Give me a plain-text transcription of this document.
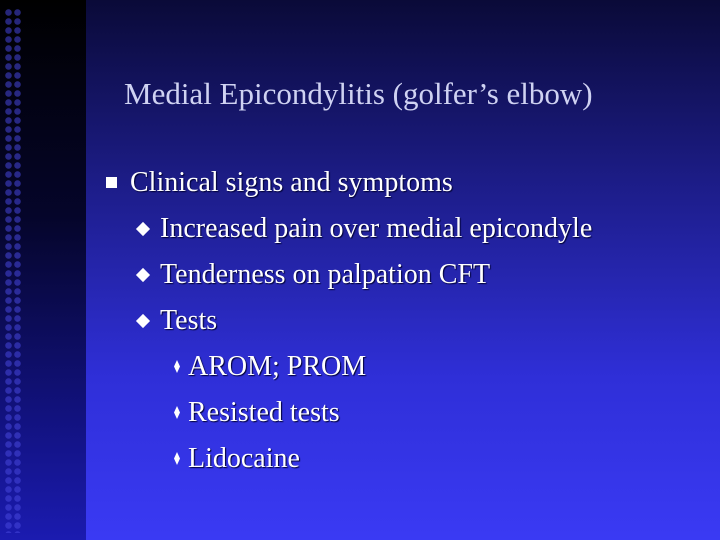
Medial Epicondylitis (golfer’s elbow)
Clinical signs and symptoms
Increased pain over medial epicondyle
Tenderness on palpation CFT
Tests
AROM; PROM
Resisted tests
Lidocaine
